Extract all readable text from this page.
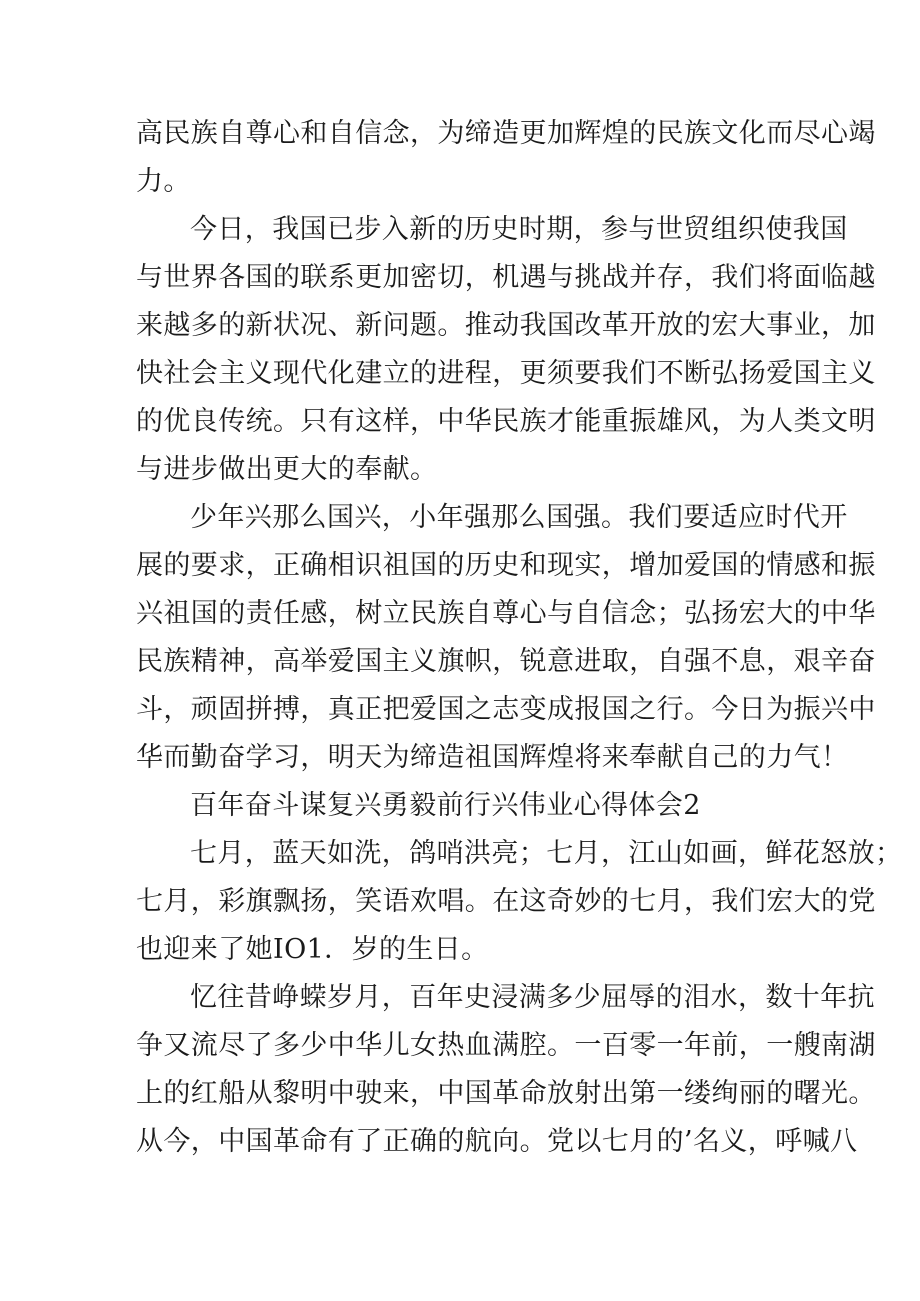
高民族自尊心和自信念，为缔造更加辉煌的民族文化而尽心竭
力。
今日，我国已步入新的历史时期，参与世贸组织使我国
与世界各国的联系更加密切，机遇与挑战并存，我们将面临越
来越多的新状况、新问题。推动我国改革开放的宏大事业，加
快社会主义现代化建立的进程，更须要我们不断弘扬爱国主义
的优良传统。只有这样，中华民族才能重振雄风，为人类文明
与进步做出更大的奉献。
少年兴那么国兴，小年强那么国强。我们要适应时代开
展的要求，正确相识祖国的历史和现实，增加爱国的情感和振
兴祖国的责任感，树立民族自尊心与自信念；弘扬宏大的中华
民族精神，高举爱国主义旗帜，锐意进取，自强不息，艰辛奋
斗，顽固拼搏，真正把爱国之志变成报国之行。今日为振兴中
华而勤奋学习，明天为缔造祖国辉煌将来奉献自己的力气！
百年奋斗谋复兴勇毅前行兴伟业心得体会2
七月，蓝天如洗，鸽哨洪亮；七月，江山如画，鲜花怒放；
七月，彩旗飘扬，笑语欢唱。在这奇妙的七月，我们宏大的党
也迎来了她IO1．岁的生日。
忆往昔峥蝾岁月，百年史浸满多少屈辱的泪水，数十年抗
争又流尽了多少中华儿女热血满腔。一百零一年前，一艘南湖
上的红船从黎明中驶来，中国革命放射出第一缕绚丽的曙光。
从今，中国革命有了正确的航向。党以七月的’名义，呼喊八
